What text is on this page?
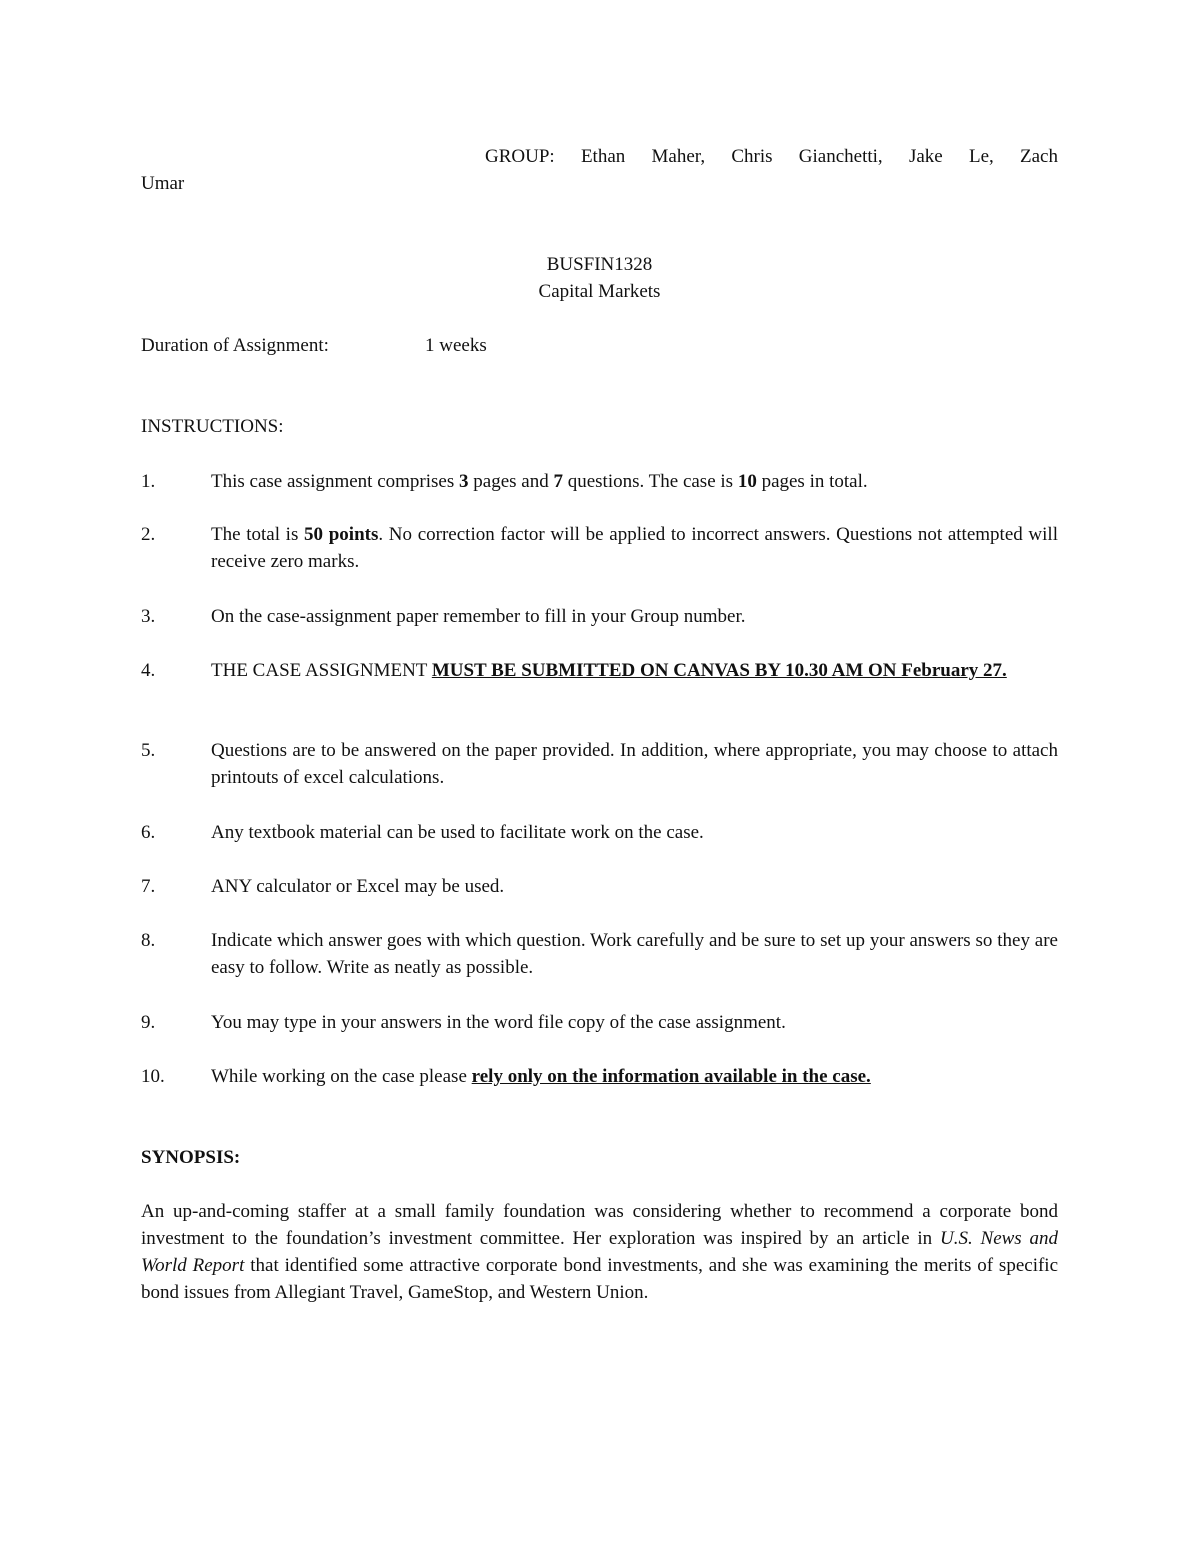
GROUP: Ethan Maher, Chris Gianchetti, Jake Le, Zach
Umar
BUSFIN1328
Capital Markets
Duration of Assignment:	1 weeks
INSTRUCTIONS:
1.	This case assignment comprises 3 pages and 7 questions. The case is 10 pages in total.
2.	The total is 50 points. No correction factor will be applied to incorrect answers. Questions not attempted will receive zero marks.
3.	On the case-assignment paper remember to fill in your Group number.
4.	THE CASE ASSIGNMENT MUST BE SUBMITTED ON CANVAS BY 10.30 AM ON February 27.
5.	Questions are to be answered on the paper provided. In addition, where appropriate, you may choose to attach printouts of excel calculations.
6.	Any textbook material can be used to facilitate work on the case.
7.	ANY calculator or Excel may be used.
8.	Indicate which answer goes with which question. Work carefully and be sure to set up your answers so they are easy to follow. Write as neatly as possible.
9.	You may type in your answers in the word file copy of the case assignment.
10. While working on the case please rely only on the information available in the case.
SYNOPSIS:
An up-and-coming staffer at a small family foundation was considering whether to recommend a corporate bond investment to the foundation’s investment committee. Her exploration was inspired by an article in U.S. News and World Report that identified some attractive corporate bond investments, and she was examining the merits of specific bond issues from Allegiant Travel, GameStop, and Western Union.
